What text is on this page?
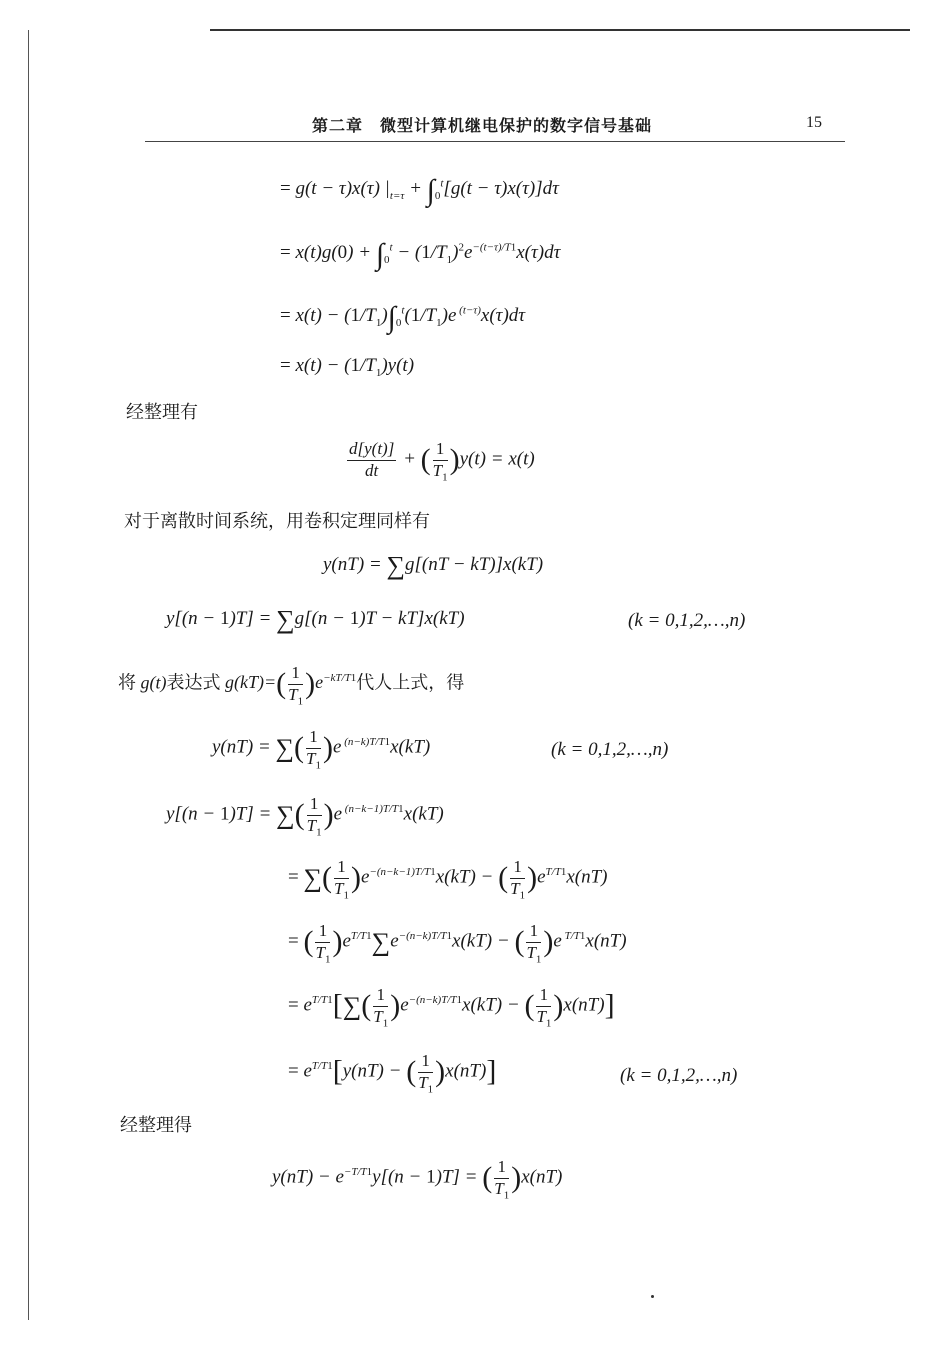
第二章　微型计算机继电保护的数字信号基础	15
= g(t − τ)x(τ) $|_{t=\tau} + \int_0^t[g(t - \tau)x(\tau)]d\tau$
= $x(t)g(0) + \int_0^t - (1/T_1)^2e^{-(t-\tau)/T1}x(\tau)d\tau$
= $x(t) - (1/T_1)\int_0^t(1/T_1)e$ $^{(t-\tau)}$x(τ)dτ
= $x(t) - (1/T_1)y(t)$
经整理有
$\frac{d[y(t)]}{dt}$ + ( $\frac{1}{T_1} )y(t) = x(t)$
对于离散时间系统，用卷积定理同样有
y(nT) = ∑g[(nT − kT)]x(kT)
y[(n − 1)T] = ∑g[(n − 1)T − kT]x(kT)	(k = 0,1,2,…,n)
将 g(t)表达式 $g(kT)=( \frac{1}{T_1} )e^{-kT/T1}$代人上式，得
y(nT) = ∑( $\frac{1}{T_1} )e$ $^{(n-k)T/T1}$x(kT)	(k = 0,1,2,…,n)
y[(n − 1)T] = ∑( $\frac{1}{T_1} )e$ $^{(n-k-1)T/T1}$x(kT)
= ∑( $\frac{1}{T_1} )e^{-(n-k-1)T/T1}x(kT)$ − ( $\frac{1}{T_1} )e^{T/T1}x(nT)$
= ( $\frac{1}{T_1} )e^{T/T1}\sum e^{-(n-k)T/T1}x(kT)$ − ( $\frac{1}{T_1} )e$ $^{T/T1}$x(nT)
= $e^{T/T1}[\sum( \frac{1}{T_1} )e^{-(n-k)T/T1}x(kT)$ − ( $\frac{1}{T_1} )x(nT)$]
= $e^{T/T1}[y(nT)$ − ( $\frac{1}{T_1} )x(nT)$]	(k = 0,1,2,…,n)
经整理得
$y(nT) - e^{-T/T1}y[(n - 1)T]$ = ( $\frac{1}{T_1} )x(nT)$
